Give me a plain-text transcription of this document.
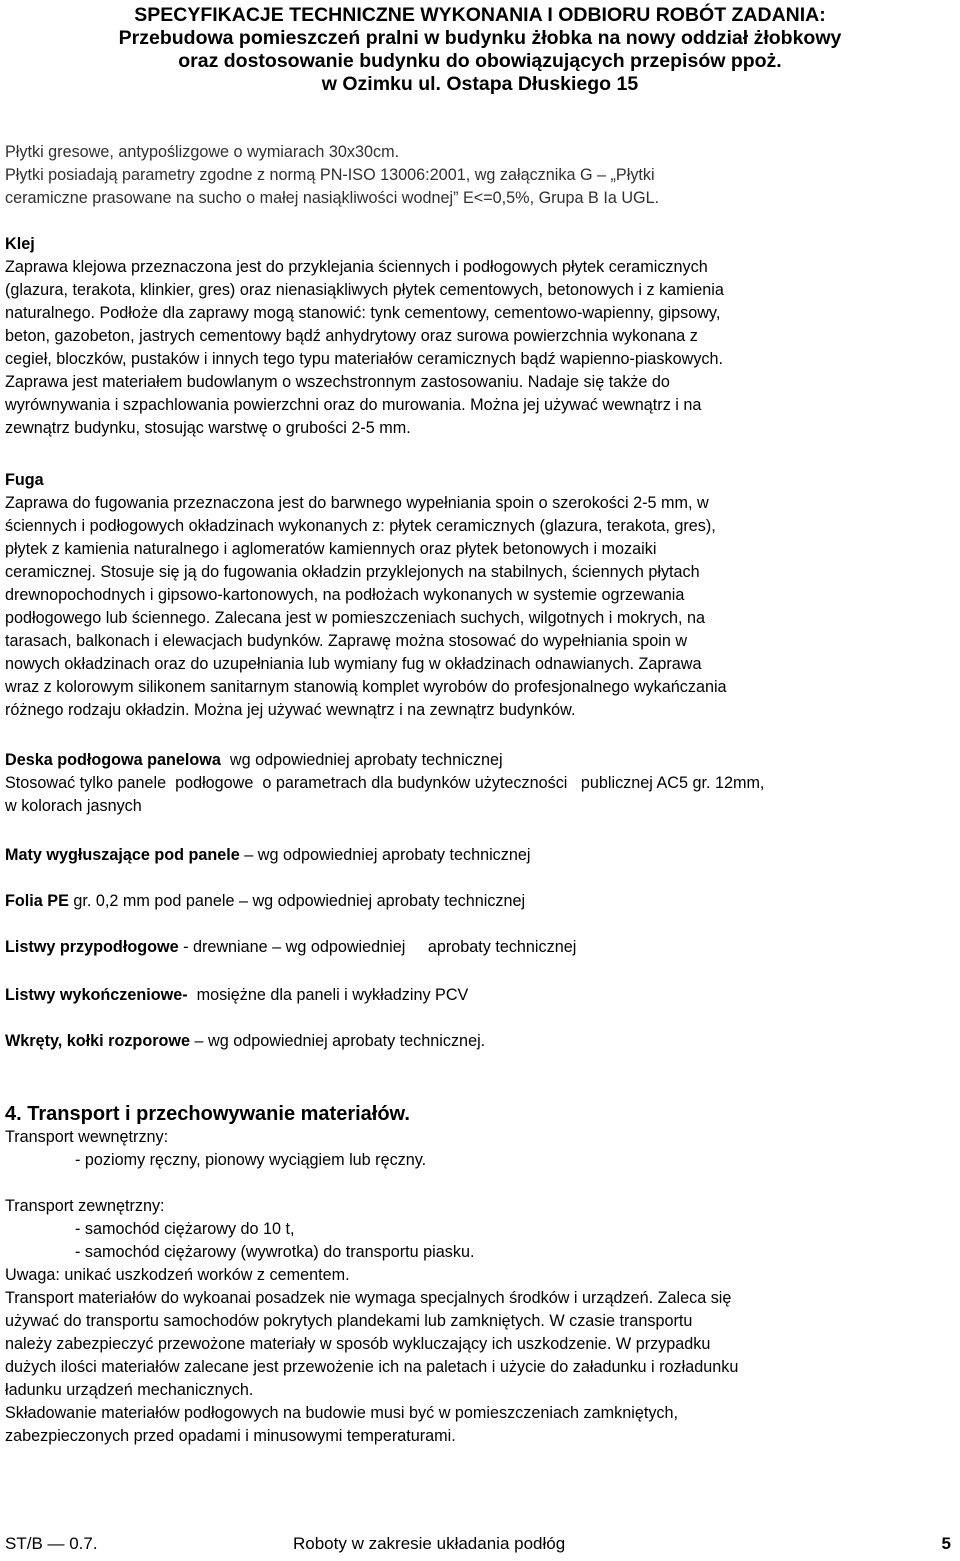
SPECYFIKACJE TECHNICZNE WYKONANIA I ODBIORU ROBÓT ZADANIA:
Przebudowa pomieszczeń pralni w budynku żłobka na nowy oddział żłobkowy
oraz dostosowanie budynku do obowiązujących przepisów ppoż.
w Ozimku ul. Ostapa Dłuskiego 15

Płytki gresowe, antypoślizgowe o wymiarach 30x30cm.

Płytki posiadają parametry zgodne z normą PN-ISO 13006:2001, wg załącznika G – „Płytki

ceramiczne prasowane na sucho o małej nasiąkliwości wodnej” E<=0,5%, Grupa B Ia UGL.

Klej

Zaprawa klejowa przeznaczona jest do przyklejania ściennych i podłogowych płytek ceramicznych

(glazura, terakota, klinkier, gres) oraz nienasiąkliwych płytek cementowych, betonowych i z kamienia

naturalnego. Podłoże dla zaprawy mogą stanowić: tynk cementowy, cementowo-wapienny, gipsowy,

beton, gazobeton, jastrych cementowy bądź anhydrytowy oraz surowa powierzchnia wykonana z

cegieł, bloczków, pustaków i innych tego typu materiałów ceramicznych bądź wapienno-piaskowych.

Zaprawa jest materiałem budowlanym o wszechstronnym zastosowaniu. Nadaje się także do

wyrównywania i szpachlowania powierzchni oraz do murowania. Można jej używać wewnątrz i na

zewnątrz budynku, stosując warstwę o grubości 2-5 mm.

Fuga

Zaprawa do fugowania przeznaczona jest do barwnego wypełniania spoin o szerokości 2-5 mm, w

ściennych i podłogowych okładzinach wykonanych z: płytek ceramicznych (glazura, terakota, gres),

płytek z kamienia naturalnego i aglomeratów kamiennych oraz płytek betonowych i mozaiki

ceramicznej. Stosuje się ją do fugowania okładzin przyklejonych na stabilnych, ściennych płytach

drewnopochodnych i gipsowo-kartonowych, na podłożach wykonanych w systemie ogrzewania

podłogowego lub ściennego. Zalecana jest w pomieszczeniach suchych, wilgotnych i mokrych, na

tarasach, balkonach i elewacjach budynków. Zaprawę można stosować do wypełniania spoin w

nowych okładzinach oraz do uzupełniania lub wymiany fug w okładzinach odnawianych. Zaprawa

wraz z kolorowym silikonem sanitarnym stanowią komplet wyrobów do profesjonalnego wykańczania

różnego rodzaju okładzin. Można jej używać wewnątrz i na zewnątrz budynków.

Deska podłogowa panelowa  wg odpowiedniej aprobaty technicznej

Stosować tylko panele  podłogowe  o parametrach dla budynków użyteczności   publicznej AC5 gr. 12mm,

w kolorach jasnych

Maty wygłuszające pod panele – wg odpowiedniej aprobaty technicznej

Folia PE gr. 0,2 mm pod panele – wg odpowiedniej aprobaty technicznej

Listwy przypodłogowe - drewniane – wg odpowiedniej     aprobaty technicznej

Listwy wykończeniowe-  mosiężne dla paneli i wykładziny PCV

Wkręty, kołki rozporowe – wg odpowiedniej aprobaty technicznej.

4. Transport i przechowywanie materiałów.

Transport wewnętrzny:

- poziomy ręczny, pionowy wyciągiem lub ręczny.

Transport zewnętrzny:

- samochód ciężarowy do 10 t,

- samochód ciężarowy (wywrotka) do transportu piasku.

Uwaga: unikać uszkodzeń worków z cementem.

Transport materiałów do wykoanai posadzek nie wymaga specjalnych środków i urządzeń. Zaleca się

używać do transportu samochodów pokrytych plandekami lub zamkniętych. W czasie transportu

należy zabezpieczyć przewożone materiały w sposób wykluczający ich uszkodzenie. W przypadku

dużych ilości materiałów zalecane jest przewożenie ich na paletach i użycie do załadunku i rozładunku

ładunku urządzeń mechanicznych.

Składowanie materiałów podłogowych na budowie musi być w pomieszczeniach zamkniętych,

zabezpieczonych przed opadami i minusowymi temperaturami.

ST/B — 0.7.	Roboty w zakresie układania podłóg	5
